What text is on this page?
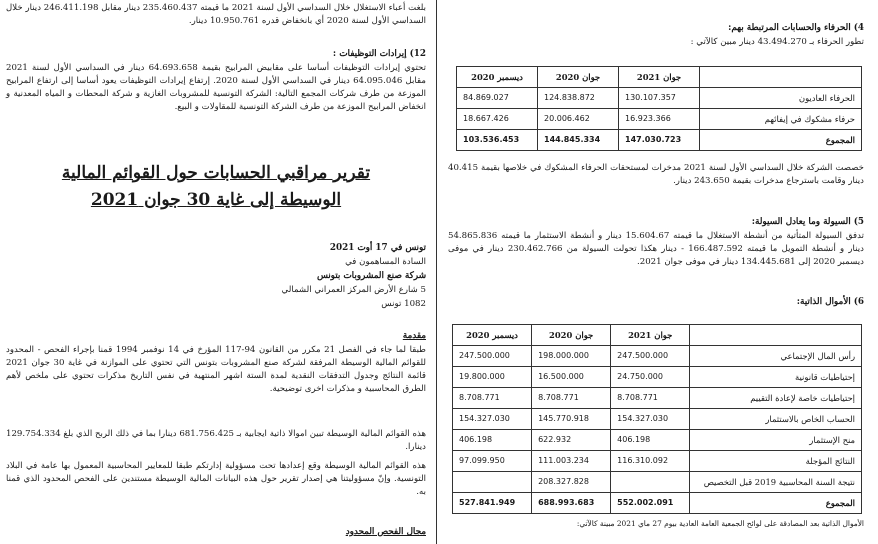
4) الحرفاء والحسابات المرتبطة بهم:

تطور الحرفاء بـ 43.494.270 دينار مبين كالآتي :

	جوان 2021	جوان 2020	ديسمبر 2020
الحرفاء العاديون	130.107.357	124.838.872	84.869.027
حرفاء مشكوك في إيفائهم	16.923.366	20.006.462	18.667.426
المجموع	147.030.723	144.845.334	103.536.453

خصصت الشركة خلال السداسي الأول لسنة 2021 مدخرات لمستحقات الحرفاء المشكوك في خلاصها بقيمة 40.415 دينار وقامت باسترجاع مدخرات بقيمة 243.650 دينار.

5) السيولة وما يعادل السيولة:

تدفق السيولة المتأتية من أنشطة الاستغلال ما قيمته 15.604.67 دينار و أنشطة الاستثمار ما قيمته 54.865.836 دينار و أنشطة التمويل ما قيمته 166.487.592 - دينار هكذا تحولت السيولة من 230.462.766 دينار في موفى ديسمبر 2020 إلى 134.445.681 دينار في موفى جوان 2021.

6) الأموال الذاتية:

	جوان 2021	جوان 2020	ديسمبر 2020
رأس المال الإجتماعي	247.500.000	198.000.000	247.500.000
إحتياطيات قانونية	24.750.000	16.500.000	19.800.000
إحتياطيات خاصة لإعادة التقييم	8.708.771	8.708.771	8.708.771
الحساب الخاص بالاستثمار	154.327.030	145.770.918	154.327.030
منح الإستثمار	406.198	622.932	406.198
النتائج المؤجلة	116.310.092	111.003.234	97.099.950
نتيجة السنة المحاسبية 2019 قبل التخصيص		208.327.828	
المجموع	552.002.091	688.993.683	527.841.949

الأموال الذاتية بعد المصادقة على لوائح الجمعية العامة العادية بيوم 27 ماي 2021 مبينة كالآتي:

بلغت أعباء الاستغلال خلال السداسي الأول لسنة 2021 ما قيمته 235.460.437 دينار مقابل 246.411.198 دينار خلال السداسي الأول لسنة 2020 أي بانخفاض قدره 10.950.761 دينار.

12) إيرادات التوظيفات :

تحتوي إيرادات التوظيفات أساسا على مقابيض المرابيح بقيمة 64.693.658 دينار في السداسي الأول لسنة 2021 مقابل 64.095.046 دينار في السداسي الأول لسنة 2020. إرتفاع إيرادات التوظيفات يعود أساسا إلى ارتفاع المرابيح الموزعة من طرف شركات المجمع التالية: الشركة التونسية للمشروبات الغازية و شركة المحطات و المياه المعدنية و انخفاض المرابيح الموزعة من طرف الشركة التونسية للمقاولات و البيع.

تقرير مراقبي الحسابات حول القوائم المالية

الوسيطة إلى غاية 30 جوان 2021

تونس في 17 أوت 2021

السادة المساهمون في

شركة صنع المشروبات بتونس

5 شارع الأرض المركز العمراني الشمالي

1082 تونس

مقدمة

طبقا لما جاء في الفصل 21 مكرر من القانون 94-117 المؤرخ في 14 نوفمبر 1994 قمنا بإجراء الفحص - المحدود للقوائم المالية الوسيطة المرفقة لشركة صنع المشروبات بتونس التي تحتوي على الموازنة في غاية 30 جوان 2021 قائمة النتائج وجدول التدفقات النقدية لمدة الستة اشهر المنتهية في نفس التاريخ مذكرات تحتوي على ملخص لأهم الطرق المحاسبية و مذكرات اخرى توضيحية.

هذه القوائم المالية الوسيطة تبين اموالا ذاتية ايجابية بـ 681.756.425 دينارا بما في ذلك الربح الذي بلغ 129.754.334 دينارا.

هذه القوائم المالية الوسيطة وقع إعدادها تحت مسؤولية إدارتكم طبقا للمعايير المحاسبية المعمول بها عامة في البلاد التونسية. وإنّ مسؤوليتنا هي إصدار تقرير حول هذه البيانات المالية الوسيطة مستندين على الفحص المحدود الذي قمنا به.

مجال الفحص المحدود
